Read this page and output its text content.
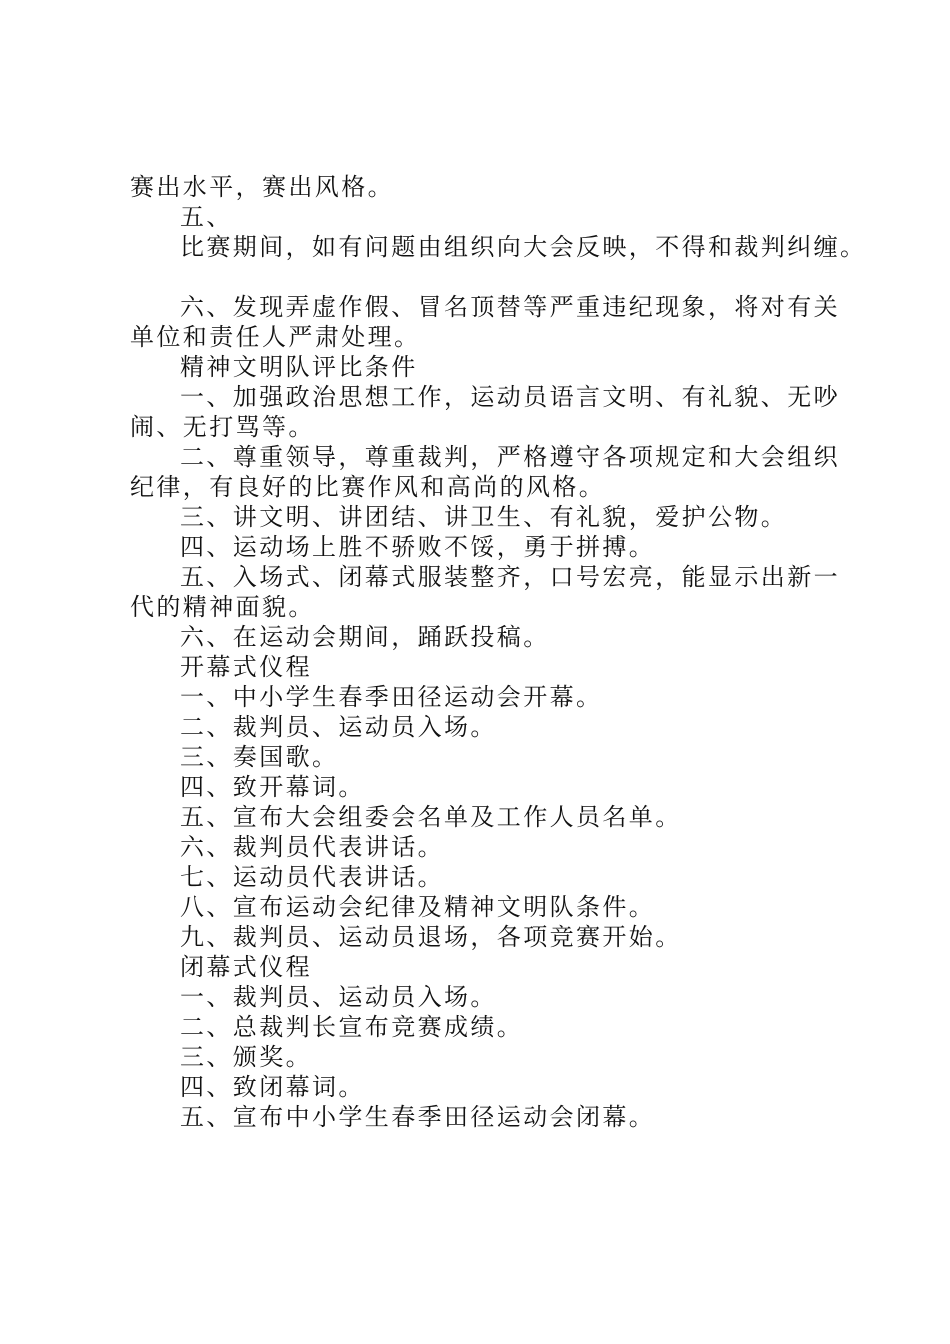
赛出水平，赛出风格。
五、
比赛期间，如有问题由组织向大会反映，不得和裁判纠缠。
六、发现弄虚作假、冒名顶替等严重违纪现象，将对有关
单位和责任人严肃处理。
精神文明队评比条件
一、加强政治思想工作，运动员语言文明、有礼貌、无吵
闹、无打骂等。
二、尊重领导，尊重裁判，严格遵守各项规定和大会组织
纪律，有良好的比赛作风和高尚的风格。
三、讲文明、讲团结、讲卫生、有礼貌，爱护公物。
四、运动场上胜不骄败不馁，勇于拼搏。
五、入场式、闭幕式服装整齐，口号宏亮，能显示出新一
代的精神面貌。
六、在运动会期间，踊跃投稿。
开幕式仪程
一、中小学生春季田径运动会开幕。
二、裁判员、运动员入场。
三、奏国歌。
四、致开幕词。
五、宣布大会组委会名单及工作人员名单。
六、裁判员代表讲话。
七、运动员代表讲话。
八、宣布运动会纪律及精神文明队条件。
九、裁判员、运动员退场，各项竞赛开始。
闭幕式仪程
一、裁判员、运动员入场。
二、总裁判长宣布竞赛成绩。
三、颁奖。
四、致闭幕词。
五、宣布中小学生春季田径运动会闭幕。
